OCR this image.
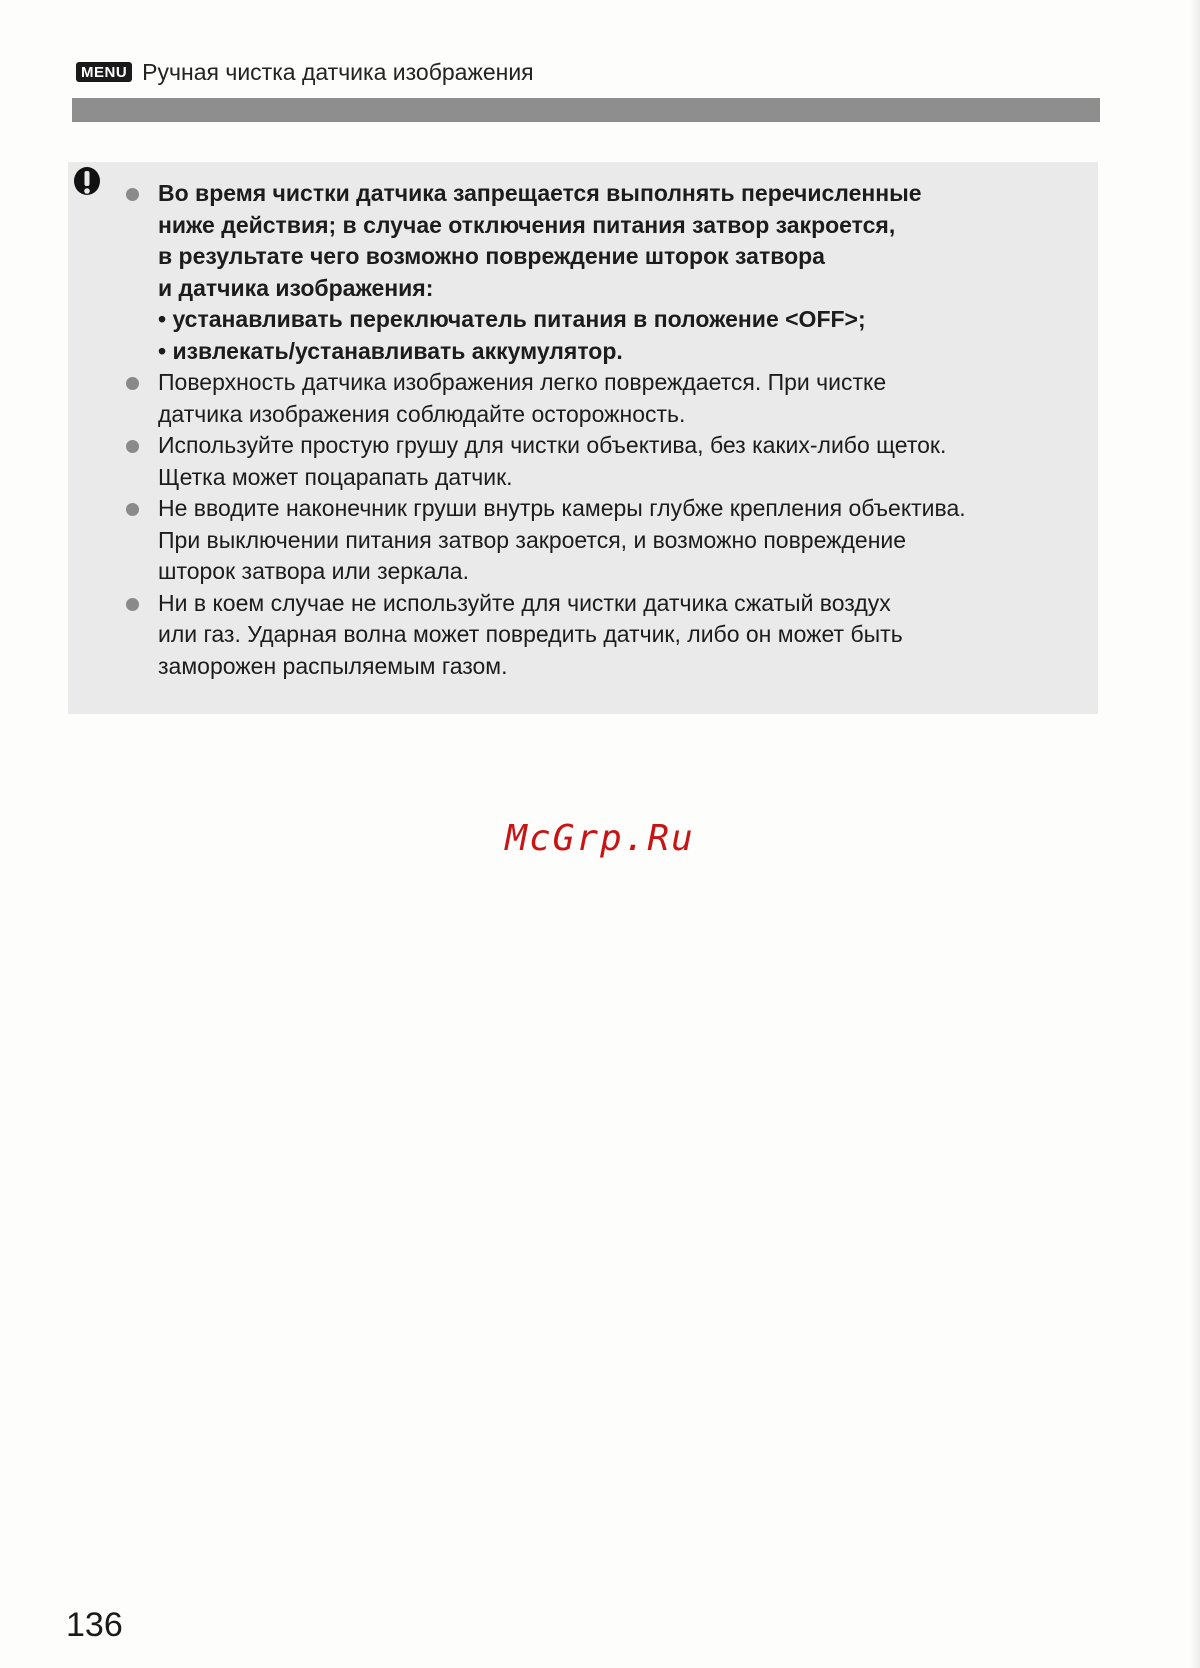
MENU Ручная чистка датчика изображения
Во время чистки датчика запрещается выполнять перечисленные
ниже действия; в случае отключения питания затвор закроется,
в результате чего возможно повреждение шторок затвора
и датчика изображения:
• устанавливать переключатель питания в положение <OFF>;
• извлекать/устанавливать аккумулятор.
Поверхность датчика изображения легко повреждается. При чистке
датчика изображения соблюдайте осторожность.
Используйте простую грушу для чистки объектива, без каких-либо щеток.
Щетка может поцарапать датчик.
Не вводите наконечник груши внутрь камеры глубже крепления объектива.
При выключении питания затвор закроется, и возможно повреждение
шторок затвора или зеркала.
Ни в коем случае не используйте для чистки датчика сжатый воздух
или газ. Ударная волна может повредить датчик, либо он может быть
заморожен распыляемым газом.
McGrp.Ru
136
